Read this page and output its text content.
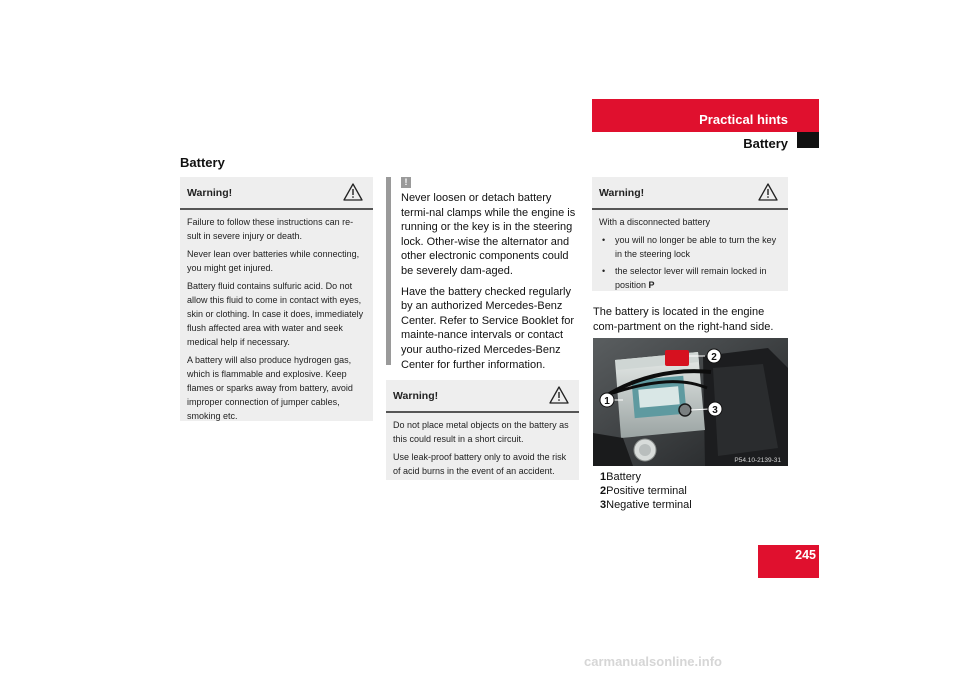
Practical hints
Battery
Battery
Warning!

Failure to follow these instructions can re-sult in severe injury or death.

Never lean over batteries while connecting, you might get injured.

Battery fluid contains sulfuric acid. Do not allow this fluid to come in contact with eyes, skin or clothing. In case it does, immediately flush affected area with water and seek medical help if necessary.

A battery will also produce hydrogen gas, which is flammable and explosive. Keep flames or sparks away from battery, avoid improper connection of jumper cables, smoking etc.

!

Never loosen or detach battery termi-nal clamps while the engine is running or the key is in the steering lock. Other-wise the alternator and other electronic components could be severely dam-aged.

Have the battery checked regularly by an authorized Mercedes-Benz Center. Refer to Service Booklet for mainte-nance intervals or contact your autho-rized Mercedes-Benz Center for further information.

Warning!

Do not place metal objects on the battery as this could result in a short circuit.

Use leak-proof battery only to avoid the risk of acid burns in the event of an accident.

Warning!

With a disconnected battery

• you will no longer be able to turn the key in the steering lock
• the selector lever will remain locked in position P
The battery is located in the engine com-partment on the right-hand side.
1
2
3
P54.10-2139-31
1Battery
2Positive terminal
3Negative terminal
245
carmanualsonline.info
